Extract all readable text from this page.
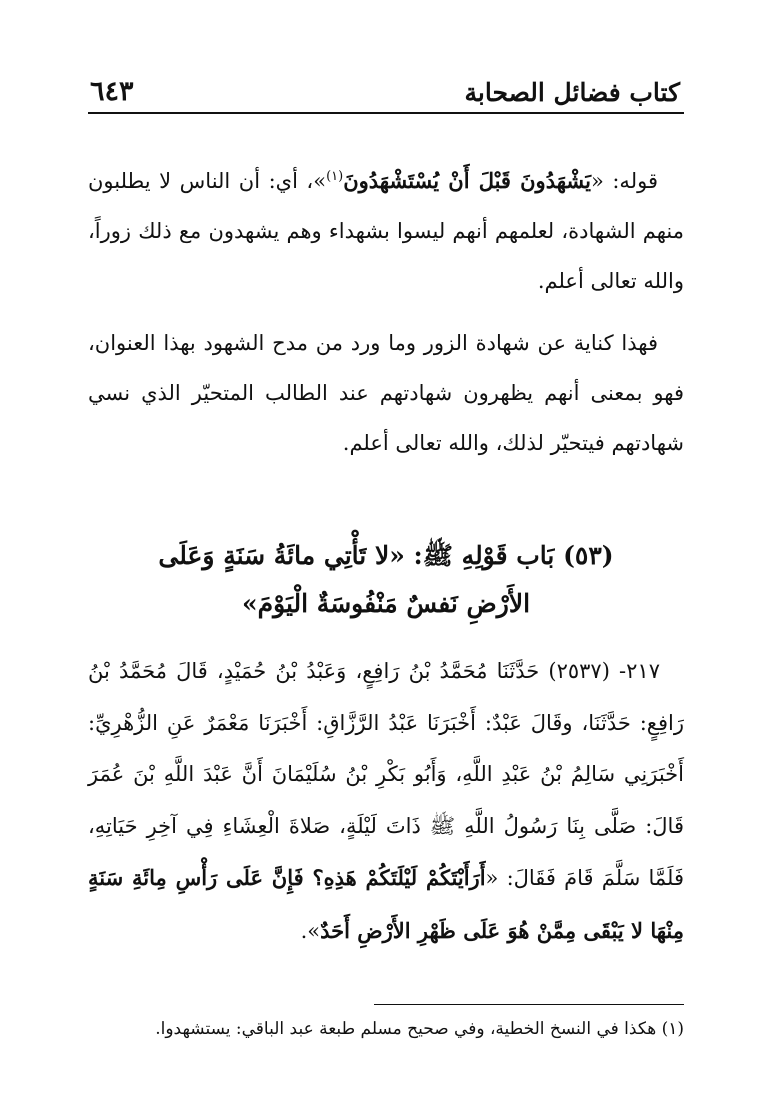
كتاب فضائل الصحابة
٦٤٣

قوله: «يَشْهَدُونَ قَبْلَ أَنْ يُسْتَشْهَدُونَ$^{(١)}$»، أي: أن الناس لا يطلبون منهم الشهادة، لعلمهم أنهم ليسوا بشهداء وهم يشهدون مع ذلك زوراً، والله تعالى أعلم.

فهذا كناية عن شهادة الزور وما ورد من مدح الشهود بهذا العنوان، فهو بمعنى أنهم يظهرون شهادتهم عند الطالب المتحيّر الذي نسي شهادتهم فيتحيّر لذلك، والله تعالى أعلم.

(٥٣) بَاب قَوْلِهِ ﷺ: «لا تَأْتِي مائَةُ سَنَةٍ وَعَلَى
الأَرْضِ نَفسٌ مَنْفُوسَةٌ الْيَوْمَ»

٢١٧- (٢٥٣٧) حَدَّثَنَا مُحَمَّدُ بْنُ رَافِعٍ، وَعَبْدُ بْنُ حُمَيْدٍ، قَالَ مُحَمَّدُ بْنُ رَافِعٍ: حَدَّثَنَا، وقَالَ عَبْدٌ: أَخْبَرَنَا عَبْدُ الرَّزَّاقِ: أَخْبَرَنَا مَعْمَرٌ عَنِ الزُّهْرِيِّ: أَخْبَرَنِي سَالِمُ بْنُ عَبْدِ اللَّهِ، وَأَبُو بَكْرِ بْنُ سُلَيْمَانَ أَنَّ عَبْدَ اللَّهِ بْنَ عُمَرَ قَالَ: صَلَّى بِنَا رَسُولُ اللَّهِ ﷺ ذَاتَ لَيْلَةٍ، صَلاةَ الْعِشَاءِ فِي آخِرِ حَيَاتِهِ، فَلَمَّا سَلَّمَ قَامَ فَقَالَ: «أَرَأَيْتَكُمْ لَيْلَتَكُمْ هَذِهِ؟ فَإِنَّ عَلَى رَأْسِ مِائَةِ سَنَةٍ مِنْهَا لا يَبْقَى مِمَّنْ هُوَ عَلَى ظَهْرِ الأَرْضِ أَحَدٌ».

(١) هكذا في النسخ الخطية، وفي صحيح مسلم طبعة عبد الباقي: يستشهدوا.
